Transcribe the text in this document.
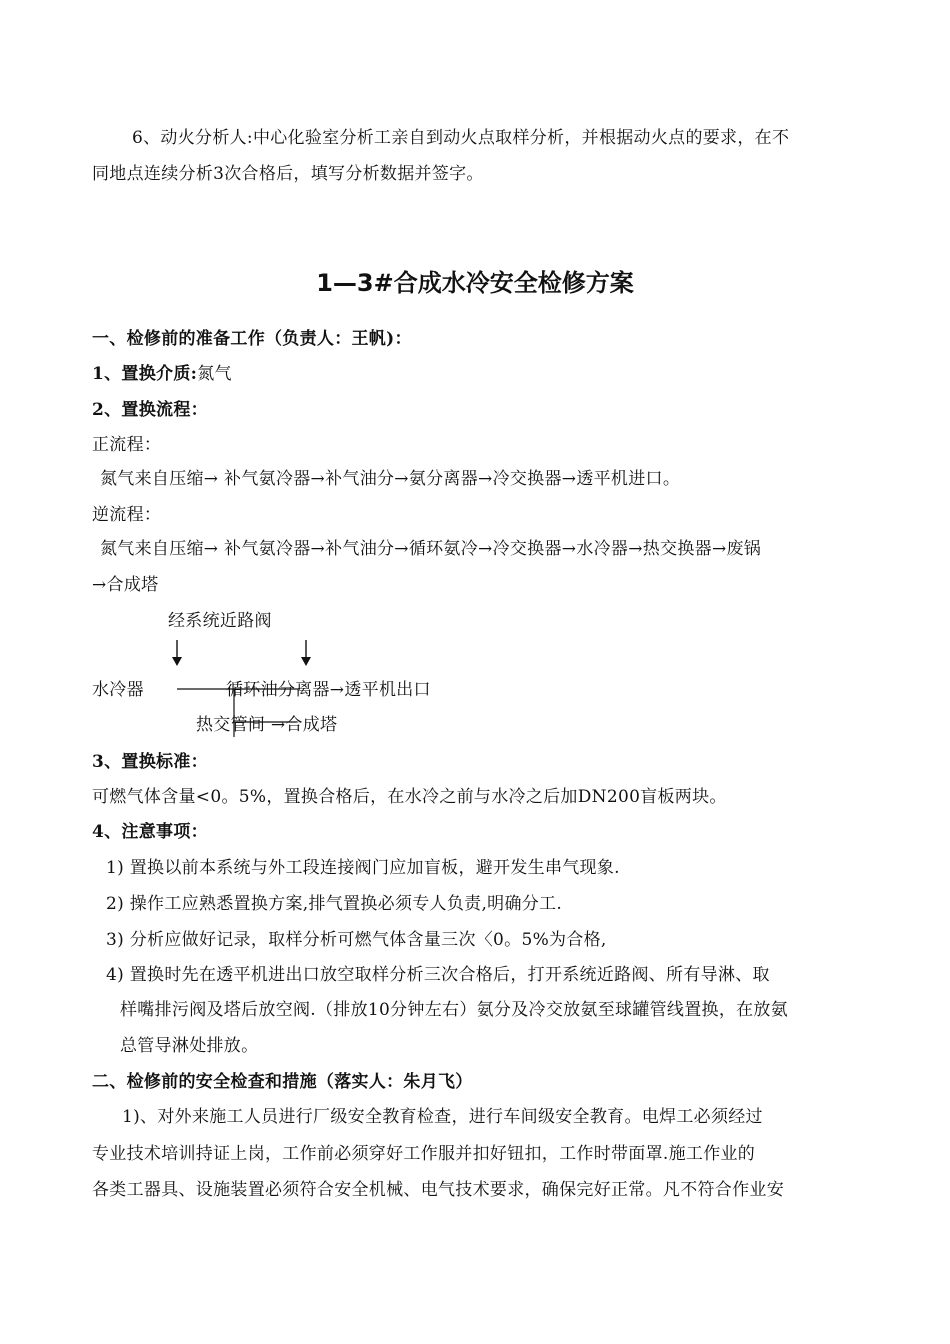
6、动火分析人:中心化验室分析工亲自到动火点取样分析，并根据动火点的要求，在不
同地点连续分析3次合格后，填写分析数据并签字。
1—3#合成水冷安全检修方案
一、检修前的准备工作（负责人：王帆)：
1、置换介质:氮气
2、置换流程：
正流程：
氮气来自压缩→ 补气氨冷器→补气油分→氨分离器→冷交换器→透平机进口。
逆流程：
氮气来自压缩→ 补气氨冷器→补气油分→循环氨冷→冷交换器→水冷器→热交换器→废锅
→合成塔
经系统近路阀
水冷器	循环油分离器→透平机出口
热交管间 →合成塔
3、置换标准：
可燃气体含量<0。5%，置换合格后，在水冷之前与水冷之后加DN200盲板两块。
4、注意事项：
1) 置换以前本系统与外工段连接阀门应加盲板，避开发生串气现象.
2) 操作工应熟悉置换方案,排气置换必须专人负责,明确分工.
3) 分析应做好记录，取样分析可燃气体含量三次〈0。5%为合格,
4) 置换时先在透平机进出口放空取样分析三次合格后，打开系统近路阀、所有导淋、取
样嘴排污阀及塔后放空阀.（排放10分钟左右）氨分及冷交放氨至球罐管线置换，在放氨
总管导淋处排放。
二、检修前的安全检查和措施（落实人：朱月飞）
1)、对外来施工人员进行厂级安全教育检查，进行车间级安全教育。电焊工必须经过
专业技术培训持证上岗，工作前必须穿好工作服并扣好钮扣，工作时带面罩.施工作业的
各类工器具、设施装置必须符合安全机械、电气技术要求，确保完好正常。凡不符合作业安
